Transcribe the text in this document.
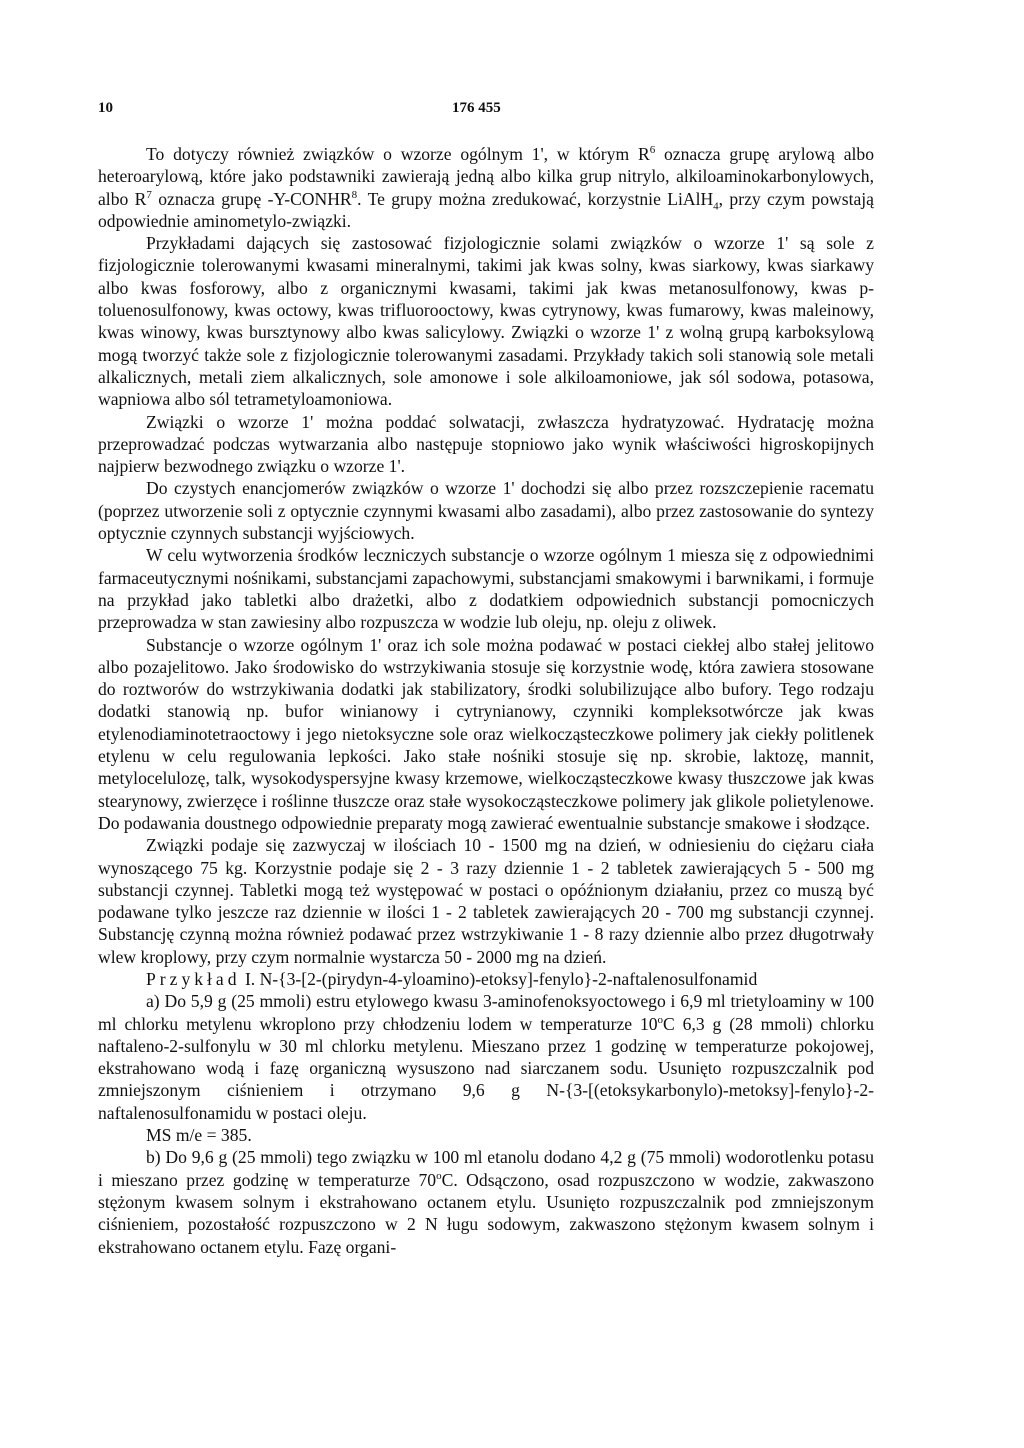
10	176 455

To dotyczy również związków o wzorze ogólnym 1', w którym $R^6$ oznacza grupę arylową albo heteroarylową, które jako podstawniki zawierają jedną albo kilka grup nitrylo, alkiloaminokarbonylowych, albo $R^7$ oznacza grupę -Y-CONHR$^8$. Te grupy można zredukować, korzystnie LiAlH$_4$, przy czym powstają odpowiednie aminometylo-związki.

Przykładami dających się zastosować fizjologicznie solami związków o wzorze 1' są sole z fizjologicznie tolerowanymi kwasami mineralnymi, takimi jak kwas solny, kwas siarkowy, kwas siarkawy albo kwas fosforowy, albo z organicznymi kwasami, takimi jak kwas metanosulfonowy, kwas p-toluenosulfonowy, kwas octowy, kwas trifluorooctowy, kwas cytrynowy, kwas fumarowy, kwas maleinowy, kwas winowy, kwas bursztynowy albo kwas salicylowy. Związki o wzorze 1' z wolną grupą karboksylową mogą tworzyć także sole z fizjologicznie tolerowanymi zasadami. Przykłady takich soli stanowią sole metali alkalicznych, metali ziem alkalicznych, sole amonowe i sole alkiloamoniowe, jak sól sodowa, potasowa, wapniowa albo sól tetrametyloamoniowa.

Związki o wzorze 1' można poddać solwatacji, zwłaszcza hydratyzować. Hydratację można przeprowadzać podczas wytwarzania albo następuje stopniowo jako wynik właściwości higroskopijnych najpierw bezwodnego związku o wzorze 1'.

Do czystych enancjomerów związków o wzorze 1' dochodzi się albo przez rozszczepienie racematu (poprzez utworzenie soli z optycznie czynnymi kwasami albo zasadami), albo przez zastosowanie do syntezy optycznie czynnych substancji wyjściowych.

W celu wytworzenia środków leczniczych substancje o wzorze ogólnym 1 miesza się z odpowiednimi farmaceutycznymi nośnikami, substancjami zapachowymi, substancjami smakowymi i barwnikami, i formuje na przykład jako tabletki albo drażetki, albo z dodatkiem odpowiednich substancji pomocniczych przeprowadza w stan zawiesiny albo rozpuszcza w wodzie lub oleju, np. oleju z oliwek.

Substancje o wzorze ogólnym 1' oraz ich sole można podawać w postaci ciekłej albo stałej jelitowo albo pozajelitowo. Jako środowisko do wstrzykiwania stosuje się korzystnie wodę, która zawiera stosowane do roztworów do wstrzykiwania dodatki jak stabilizatory, środki solubilizujące albo bufory. Tego rodzaju dodatki stanowią np. bufor winianowy i cytrynianowy, czynniki kompleksotwórcze jak kwas etylenodiaminotetraoctowy i jego nietoksyczne sole oraz wielkocząsteczkowe polimery jak ciekły politlenek etylenu w celu regulowania lepkości. Jako stałe nośniki stosuje się np. skrobie, laktozę, mannit, metylocelulozę, talk, wysokodyspersyjne kwasy krzemowe, wielkocząsteczkowe kwasy tłuszczowe jak kwas stearynowy, zwierzęce i roślinne tłuszcze oraz stałe wysokocząsteczkowe polimery jak glikole polietylenowe. Do podawania doustnego odpowiednie preparaty mogą zawierać ewentualnie substancje smakowe i słodzące.

Związki podaje się zazwyczaj w ilościach 10 - 1500 mg na dzień, w odniesieniu do ciężaru ciała wynoszącego 75 kg. Korzystnie podaje się 2 - 3 razy dziennie 1 - 2 tabletek zawierających 5 - 500 mg substancji czynnej. Tabletki mogą też występować w postaci o opóźnionym działaniu, przez co muszą być podawane tylko jeszcze raz dziennie w ilości 1 - 2 tabletek zawierających 20 - 700 mg substancji czynnej. Substancję czynną można również podawać przez wstrzykiwanie 1 - 8 razy dziennie albo przez długotrwały wlew kroplowy, przy czym normalnie wystarcza 50 - 2000 mg na dzień.

Przykład I. N-{3-[2-(pirydyn-4-yloamino)-etoksy]-fenylo}-2-naftalenosulfonamid

a) Do 5,9 g (25 mmoli) estru etylowego kwasu 3-aminofenoksyoctowego i 6,9 ml trietyloaminy w 100 ml chlorku metylenu wkroplono przy chłodzeniu lodem w temperaturze 10$^o$C 6,3 g (28 mmoli) chlorku naftaleno-2-sulfonylu w 30 ml chlorku metylenu. Mieszano przez 1 godzinę w temperaturze pokojowej, ekstrahowano wodą i fazę organiczną wysuszono nad siarczanem sodu. Usunięto rozpuszczalnik pod zmniejszonym ciśnieniem i otrzymano 9,6 g N-{3-[(etoksykarbonylo)-metoksy]-fenylo}-2-naftalenosulfonamidu w postaci oleju.

MS m/e = 385.

b) Do 9,6 g (25 mmoli) tego związku w 100 ml etanolu dodano 4,2 g (75 mmoli) wodorotlenku potasu i mieszano przez godzinę w temperaturze 70$^o$C. Odsączono, osad rozpuszczono w wodzie, zakwaszono stężonym kwasem solnym i ekstrahowano octanem etylu. Usunięto rozpuszczalnik pod zmniejszonym ciśnieniem, pozostałość rozpuszczono w 2 N ługu sodowym, zakwaszono stężonym kwasem solnym i ekstrahowano octanem etylu. Fazę organi-
